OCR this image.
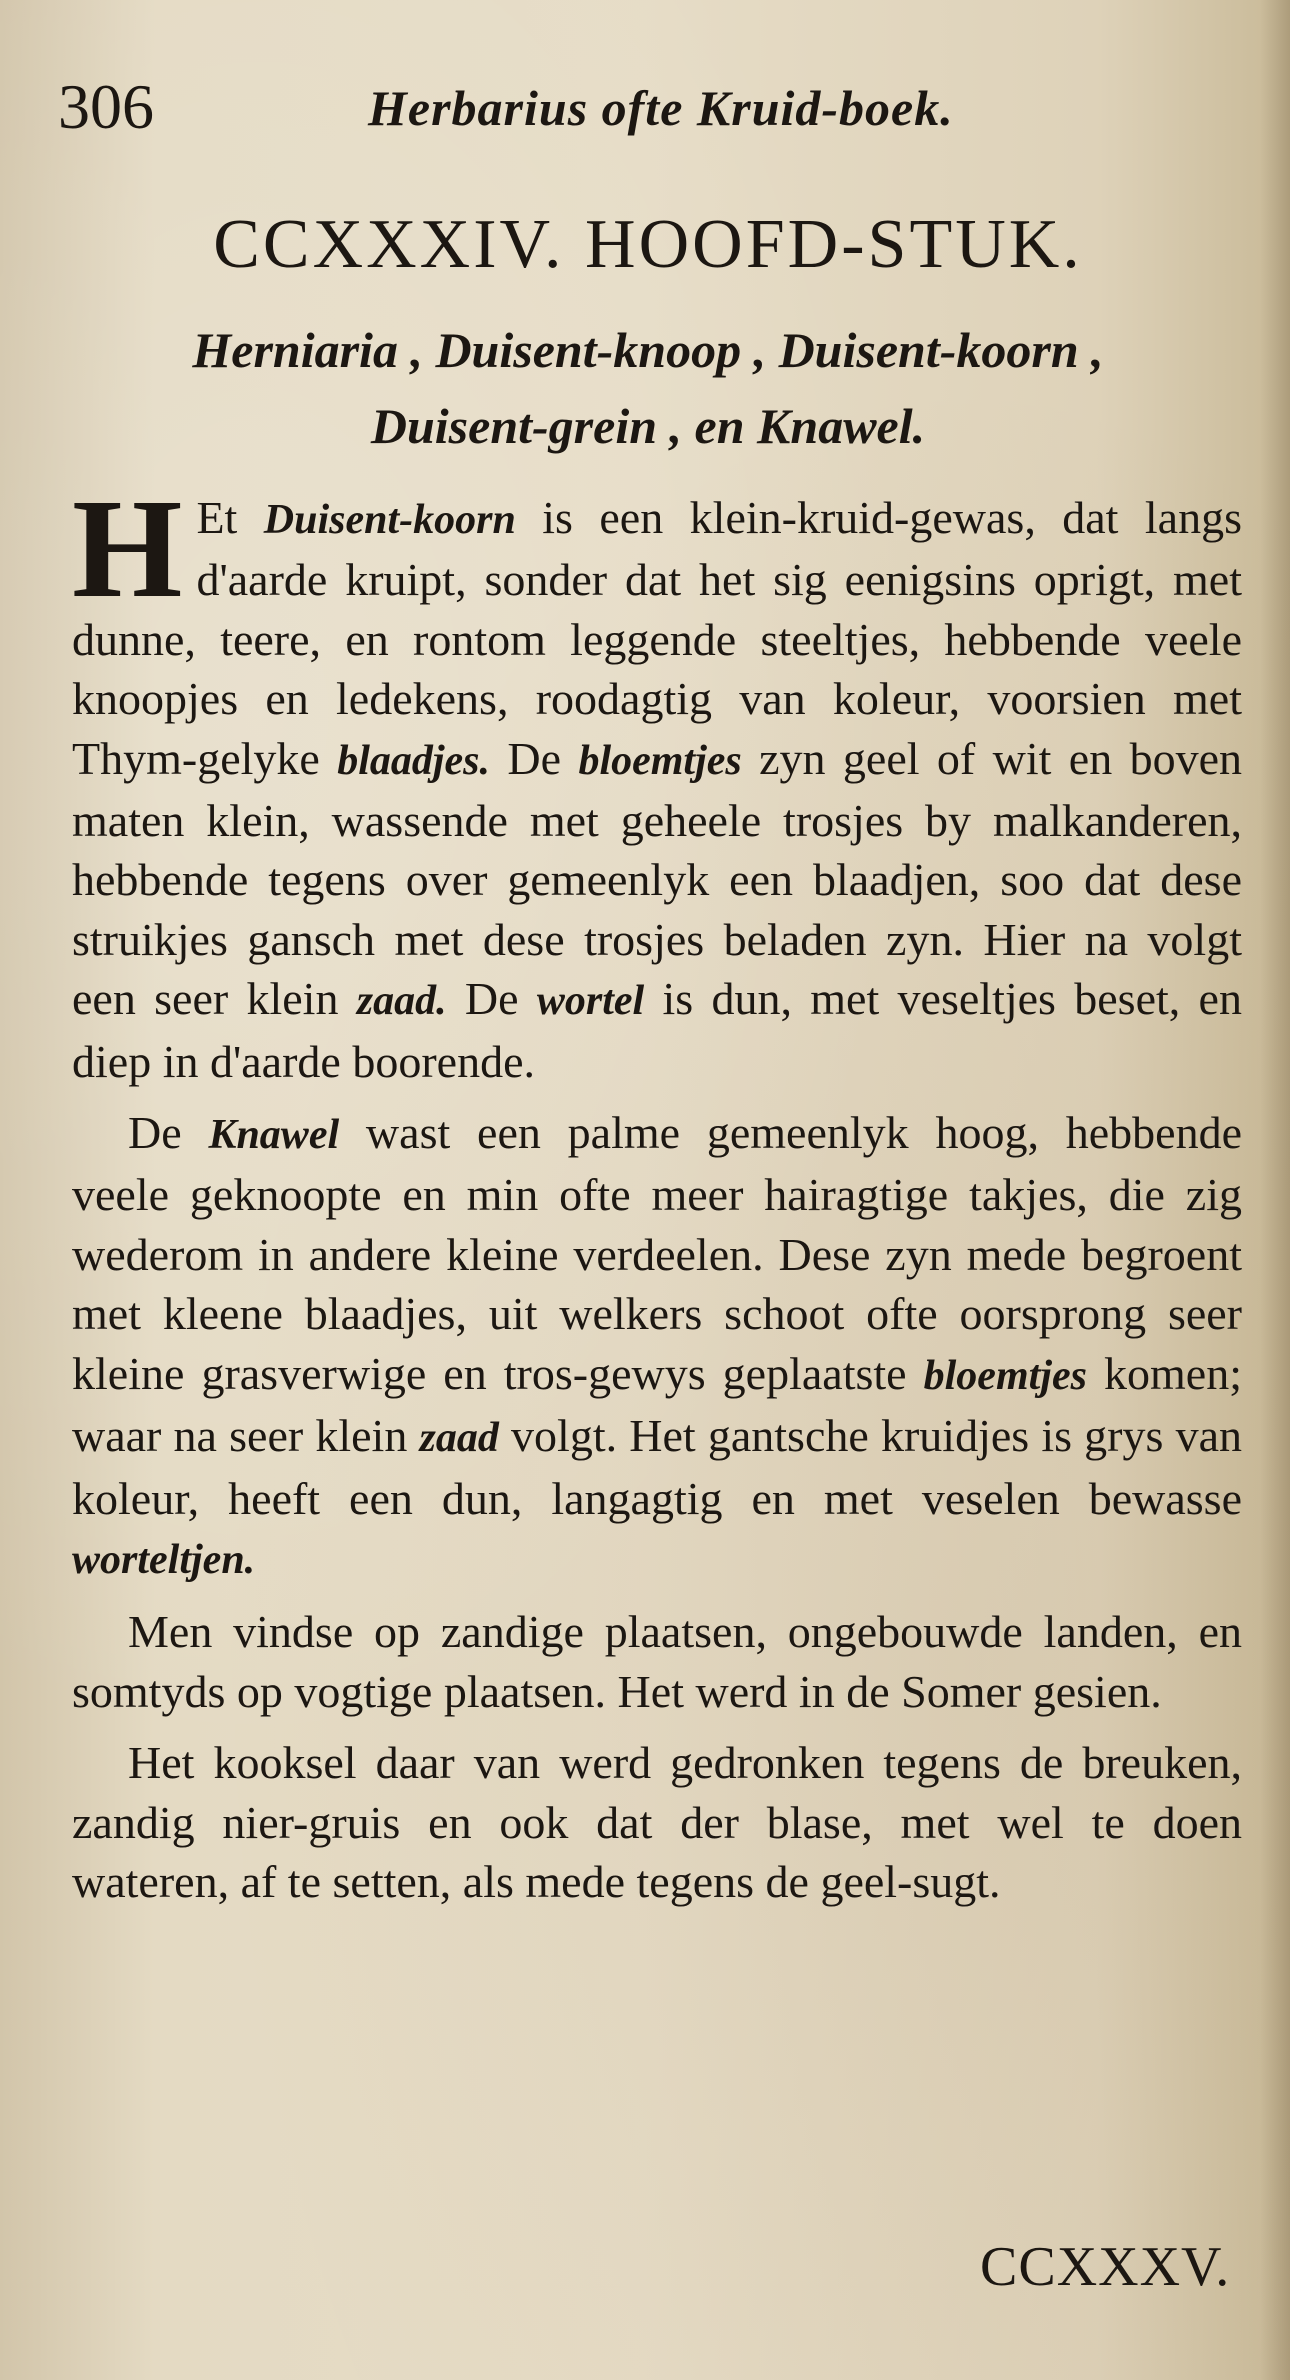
306	Herbarius ofte Kruid-boek.
CCXXXIV. HOOFD-STUK.
Herniaria , Duisent-knoop , Duisent-koorn ,
Duisent-grein , en Knawel.

H Et Duisent-koorn is een klein-kruid-gewas, dat langs d'aarde kruipt, sonder dat het sig eenigsins oprigt, met dunne, teere, en rontom leggende steeltjes, hebbende veele knoopjes en ledekens, roodagtig van koleur, voorsien met Thym-gelyke blaadjes. De bloemtjes zyn geel of wit en boven maten klein, wassende met geheele trosjes by malkanderen, hebbende tegens over gemeenlyk een blaadjen, soo dat dese struikjes gansch met dese trosjes beladen zyn. Hier na volgt een seer klein zaad. De wortel is dun, met veseltjes beset, en diep in d'aarde boorende.

De Knawel wast een palme gemeenlyk hoog, hebbende veele geknoopte en min ofte meer hairagtige takjes, die zig wederom in andere kleine verdeelen. Dese zyn mede begroent met kleene blaadjes, uit welkers schoot ofte oorsprong seer kleine grasverwige en tros-gewys geplaatste bloemtjes komen; waar na seer klein zaad volgt. Het gantsche kruidjes is grys van koleur, heeft een dun, langagtig en met veselen bewasse worteltjen.

Men vindse op zandige plaatsen, ongebouwde landen, en somtyds op vogtige plaatsen. Het werd in de Somer gesien.

Het kooksel daar van werd gedronken tegens de breuken, zandig nier-gruis en ook dat der blase, met wel te doen wateren, af te setten, als mede tegens de geel-sugt.

CCXXXV.
